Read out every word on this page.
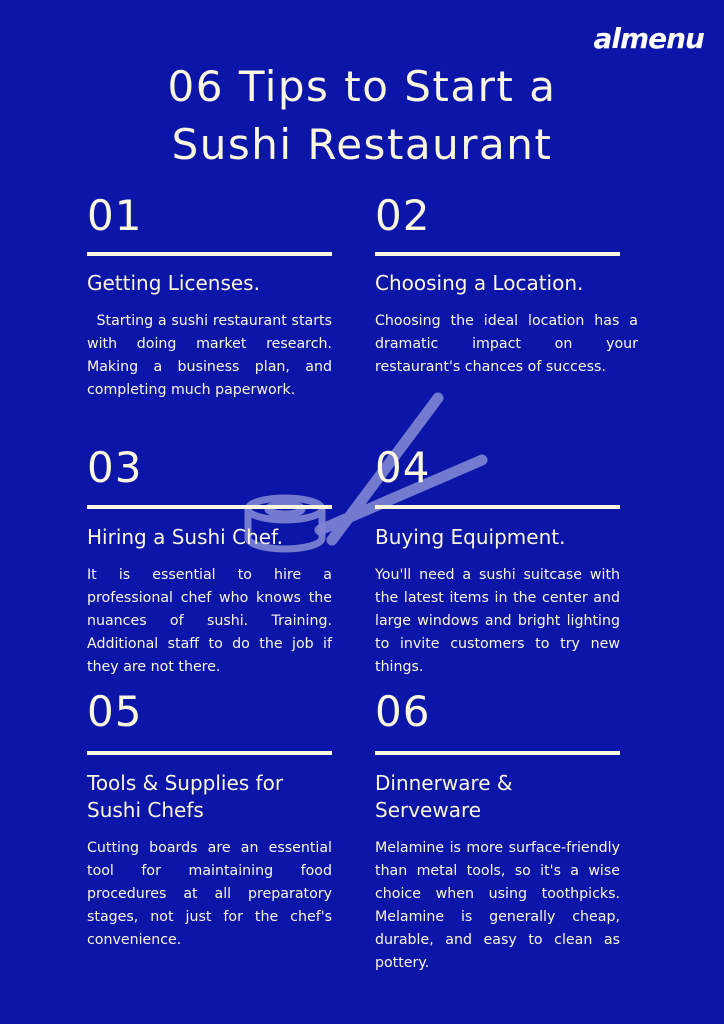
almenu
06 Tips to Start a
Sushi Restaurant
01
Getting Licenses.
Starting a sushi restaurant starts with doing market research. Making a business plan, and completing much paperwork.
02
Choosing a Location.
Choosing the ideal location has a dramatic impact on your restaurant's chances of success.
03
Hiring a Sushi Chef.
It is essential to hire a professional chef who knows the nuances of sushi. Training. Additional staff to do the job if they are not there.
04
Buying Equipment.
You'll need a sushi suitcase with the latest items in the center and large windows and bright lighting to invite customers to try new things.
05
Tools & Supplies for
Sushi Chefs
Cutting boards are an essential tool for maintaining food procedures at all preparatory stages, not just for the chef's convenience.
06
Dinnerware &
Serveware
Melamine is more surface-friendly than metal tools, so it's a wise choice when using toothpicks. Melamine is generally cheap, durable, and easy to clean as pottery.
